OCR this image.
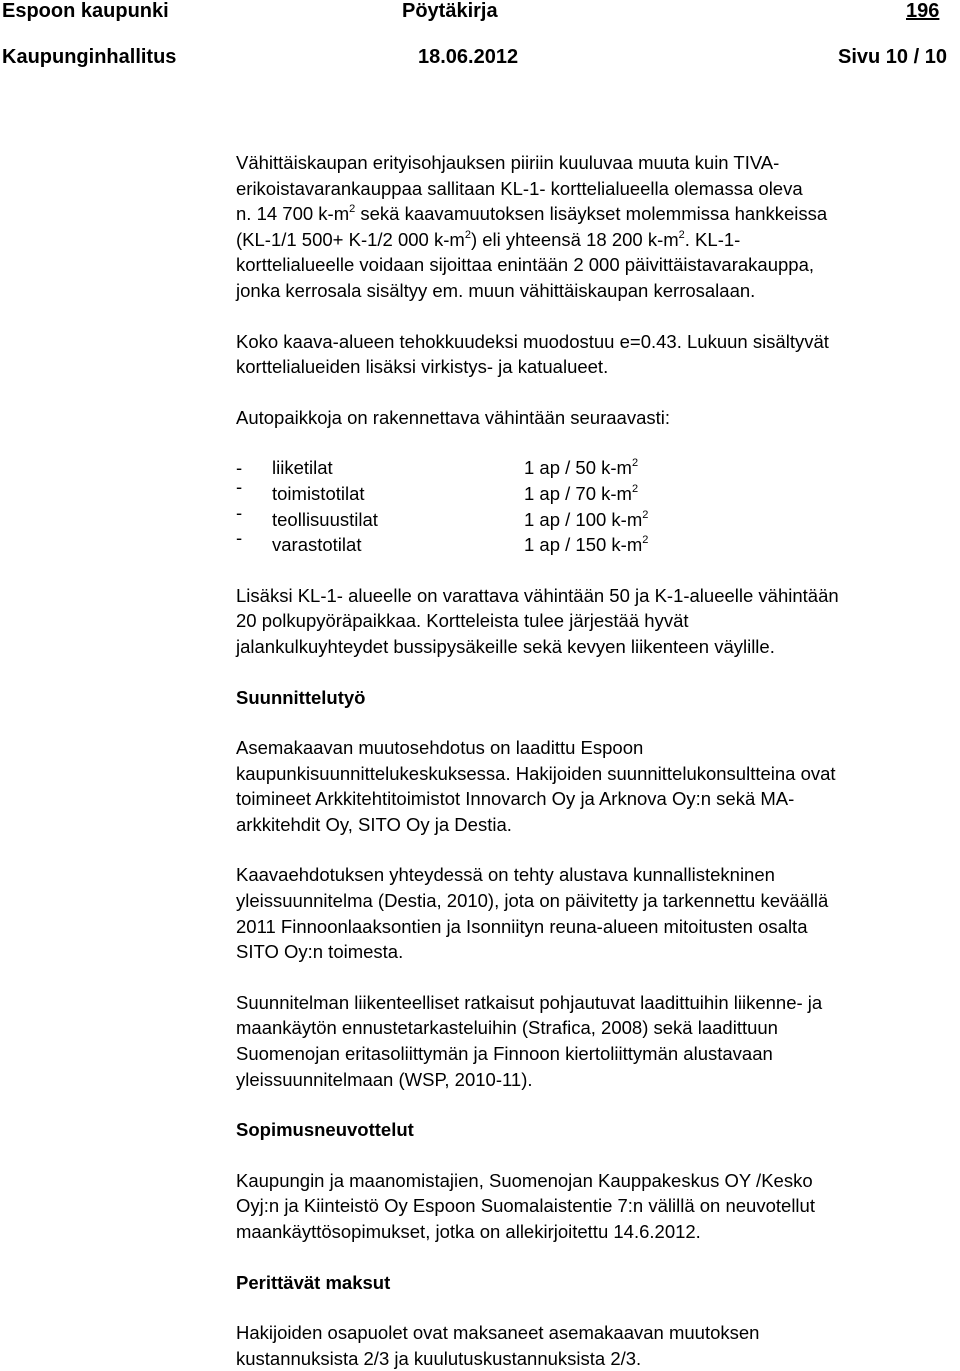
Espoon kaupunki	Pöytäkirja	196
Kaupunginhallitus	18.06.2012	Sivu 10 / 10

Vähittäiskaupan erityisohjauksen piiriin kuuluvaa muuta kuin TIVA-
erikoistavarankauppaa sallitaan KL-1- korttelialueella olemassa oleva
n. 14 700 $k-m^2$ sekä kaavamuutoksen lisäykset molemmissa hankkeissa
(KL-1/1 500+ K-1/2 000 $k-m^2$) eli yhteensä 18 200 $k-m^2$. KL-1-
korttelialueelle voidaan sijoittaa enintään 2 000 päivittäistavarakauppa,
jonka kerrosala sisältyy em. muun vähittäiskaupan kerrosalaan.

Koko kaava-alueen tehokkuudeksi muodostuu e=0.43. Lukuun sisältyvät
korttelialueiden lisäksi virkistys- ja katualueet.

Autopaikkoja on rakennettava vähintään seuraavasti:

- liiketilat	1 ap / 50 $k-m^2$
- toimistotilat	1 ap / 70 $k-m^2$
- teollisuustilat	1 ap / 100 $k-m^2$
- varastotilat	1 ap / 150 $k-m^2$

Lisäksi KL-1- alueelle on varattava vähintään 50 ja K-1-alueelle vähintään
20 polkupyöräpaikkaa. Kortteleista tulee järjestää hyvät
jalankulkuyhteydet bussipysäkeille sekä kevyen liikenteen väylille.

Suunnittelutyö

Asemakaavan muutosehdotus on laadittu Espoon
kaupunkisuunnittelukeskuksessa. Hakijoiden suunnittelukonsultteina ovat
toimineet Arkkitehtitoimistot Innovarch Oy ja Arknova Oy:n sekä MA-
arkkitehdit Oy, SITO Oy ja Destia.

Kaavaehdotuksen yhteydessä on tehty alustava kunnallistekninen
yleissuunnitelma (Destia, 2010), jota on päivitetty ja tarkennettu keväällä
2011 Finnoonlaaksontien ja Isonniityn reuna-alueen mitoitusten osalta
SITO Oy:n toimesta.

Suunnitelman liikenteelliset ratkaisut pohjautuvat laadittuihin liikenne- ja
maankäytön ennustetarkasteluihin (Strafica, 2008) sekä laadittuun
Suomenojan eritasoliittymän ja Finnoon kiertoliittymän alustavaan
yleissuunnitelmaan (WSP, 2010-11).

Sopimusneuvottelut

Kaupungin ja maanomistajien, Suomenojan Kauppakeskus OY /Kesko
Oyj:n ja Kiinteistö Oy Espoon Suomalaistentie 7:n välillä on neuvotellut
maankäyttösopimukset, jotka on allekirjoitettu 14.6.2012.

Perittävät maksut

Hakijoiden osapuolet ovat maksaneet asemakaavan muutoksen
kustannuksista 2/3 ja kuulutuskustannuksista 2/3.
